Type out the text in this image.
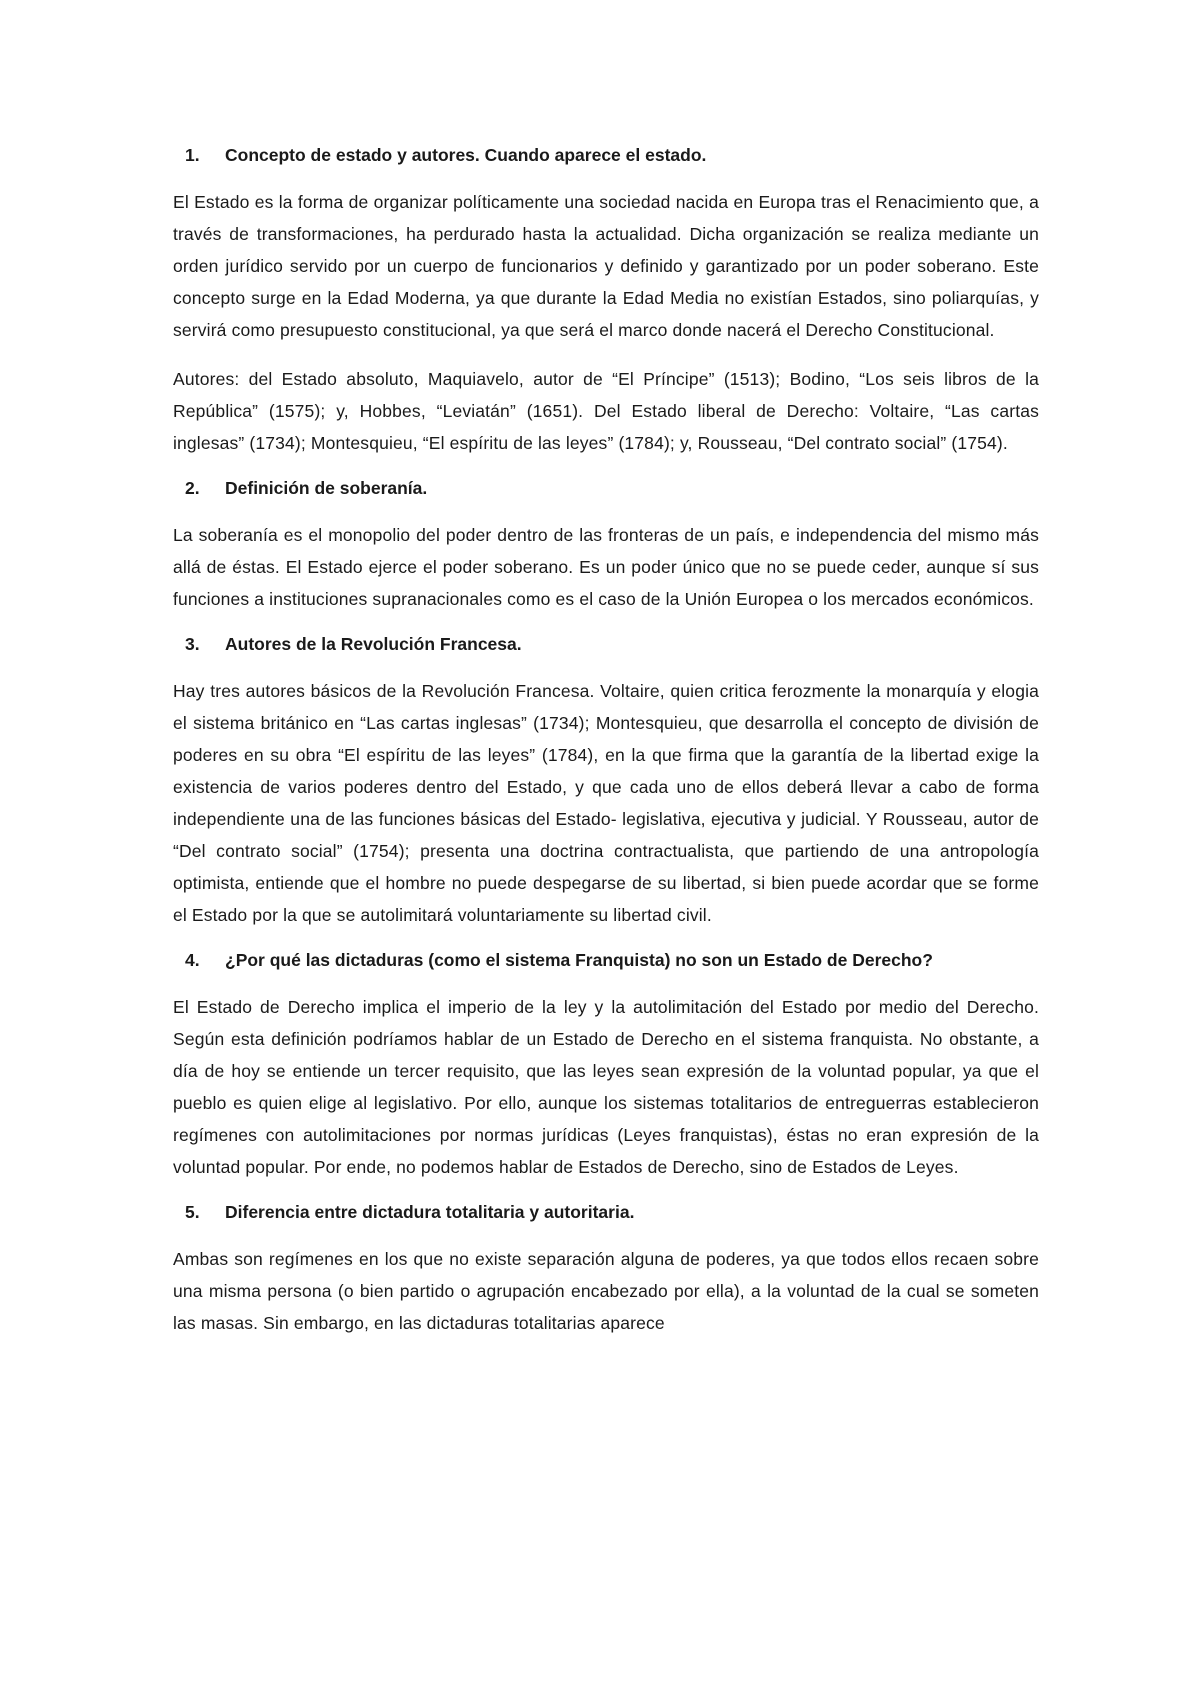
1.	Concepto de estado y autores. Cuando aparece el estado.

El Estado es la forma de organizar políticamente una sociedad nacida en Europa tras el Renacimiento que, a través de transformaciones, ha perdurado hasta la actualidad. Dicha organización se realiza mediante un orden jurídico servido por un cuerpo de funcionarios y definido y garantizado por un poder soberano. Este concepto surge en la Edad Moderna, ya que durante la Edad Media no existían Estados, sino poliarquías, y servirá como presupuesto constitucional, ya que será el marco donde nacerá el Derecho Constitucional.

Autores: del Estado absoluto, Maquiavelo, autor de “El Príncipe” (1513); Bodino, “Los seis libros de la República” (1575); y, Hobbes, “Leviatán” (1651). Del Estado liberal de Derecho: Voltaire, “Las cartas inglesas” (1734); Montesquieu, “El espíritu de las leyes” (1784); y, Rousseau, “Del contrato social” (1754).

2.	Definición de soberanía.

La soberanía es el monopolio del poder dentro de las fronteras de un país, e independencia del mismo más allá de éstas. El Estado ejerce el poder soberano. Es un poder único que no se puede ceder, aunque sí sus funciones a instituciones supranacionales como es el caso de la Unión Europea o los mercados económicos.

3.	Autores de la Revolución Francesa.

Hay tres autores básicos de la Revolución Francesa. Voltaire, quien critica ferozmente la monarquía y elogia el sistema británico en “Las cartas inglesas” (1734); Montesquieu, que desarrolla el concepto de división de poderes en su obra “El espíritu de las leyes” (1784), en la que firma que la garantía de la libertad exige la existencia de varios poderes dentro del Estado, y que cada uno de ellos deberá llevar a cabo de forma independiente una de las funciones básicas del Estado- legislativa, ejecutiva y judicial. Y Rousseau, autor de “Del contrato social” (1754); presenta una doctrina contractualista, que partiendo de una antropología optimista, entiende que el hombre no puede despegarse de su libertad, si bien puede acordar que se forme el Estado por la que se autolimitará voluntariamente su libertad civil.

4.	¿Por qué las dictaduras (como el sistema Franquista) no son un Estado de Derecho?

El Estado de Derecho implica el imperio de la ley y la autolimitación del Estado por medio del Derecho. Según esta definición podríamos hablar de un Estado de Derecho en el sistema franquista. No obstante, a día de hoy se entiende un tercer requisito, que las leyes sean expresión de la voluntad popular, ya que el pueblo es quien elige al legislativo. Por ello, aunque los sistemas totalitarios de entreguerras establecieron regímenes con autolimitaciones por normas jurídicas (Leyes franquistas), éstas no eran expresión de la voluntad popular. Por ende, no podemos hablar de Estados de Derecho, sino de Estados de Leyes.

5.	Diferencia entre dictadura totalitaria y autoritaria.

Ambas son regímenes en los que no existe separación alguna de poderes, ya que todos ellos recaen sobre una misma persona (o bien partido o agrupación encabezado por ella), a la voluntad de la cual se someten las masas. Sin embargo, en las dictaduras totalitarias aparece
